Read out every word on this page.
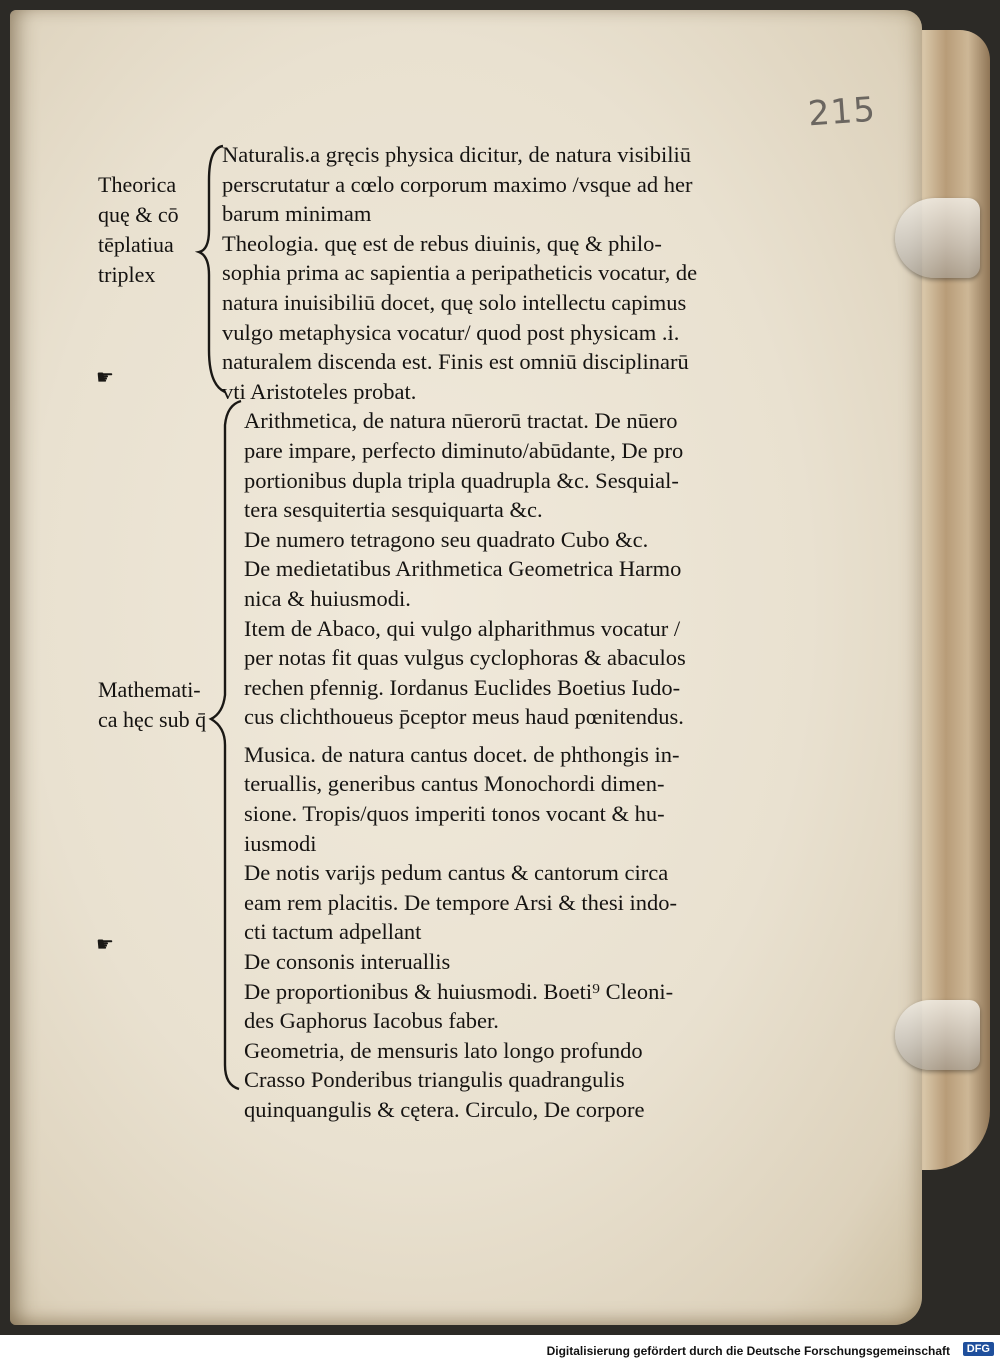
215
Theorica
quę & cō
tēplatiua
triplex
Mathemati-
ca hęc sub q̄
☛
☛
Naturalis.a gręcis physica dicitur, de natura visibiliū
perscrutatur a cœlo corporum maximo /vsque ad her
barum minimam
Theologia. quę est de rebus diuinis, quę & philo-
sophia prima ac sapientia a peripatheticis vocatur, de
natura inuisibiliū docet, quę solo intellectu capimus
vulgo metaphysica vocatur/ quod post physicam .i.
naturalem discenda est. Finis est omniū disciplinarū
vti Aristoteles probat.
Arithmetica, de natura nūerorū tractat. De nūero
pare impare, perfecto diminuto/abūdante, De pro
portionibus dupla tripla quadrupla &c. Sesquial-
tera sesquitertia sesquiquarta &c.
De numero tetragono seu quadrato Cubo &c.
De medietatibus Arithmetica Geometrica Harmo
nica & huiusmodi.
Item de Abaco, qui vulgo alpharithmus vocatur /
per notas fit quas vulgus cyclophoras & abaculos
rechen pfennig. Iordanus Euclides Boetius Iudo-
cus clichthoueus p̄ceptor meus haud pœnitendus.
Musica. de natura cantus docet. de phthongis in-
teruallis, generibus cantus Monochordi dimen-
sione. Tropis/quos imperiti tonos vocant & hu-
iusmodi
De notis varijs pedum cantus & cantorum circa
eam rem placitis. De tempore Arsi & thesi indo-
cti tactum adpellant
De consonis interuallis
De proportionibus & huiusmodi. Boeti⁹ Cleoni-
des Gaphorus Iacobus faber.
Geometria, de mensuris lato longo profundo
Crasso Ponderibus triangulis quadrangulis
quinquangulis & cętera. Circulo, De corpore
Digitalisierung gefördert durch die Deutsche Forschungsgemeinschaft	DFG
